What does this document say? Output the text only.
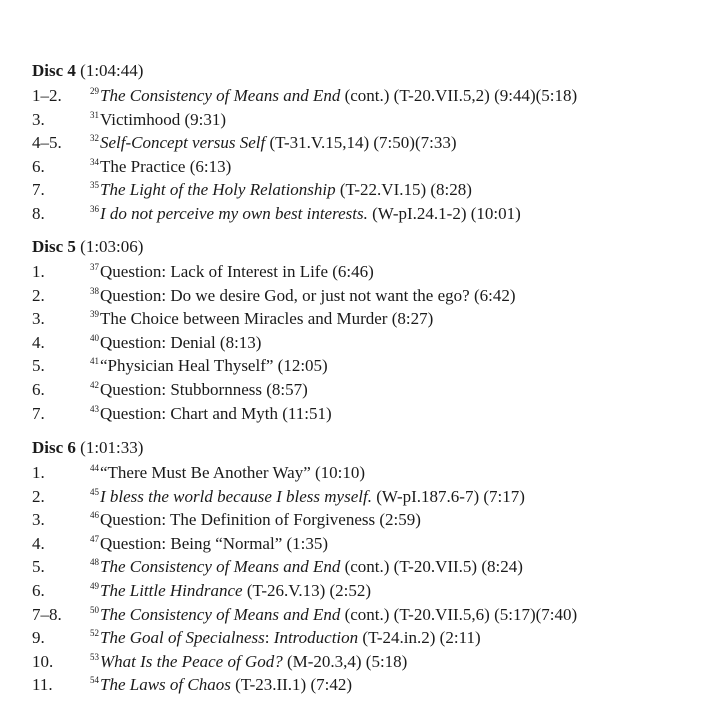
Disc 4 (1:04:44)
1–2.	$^{29}$The Consistency of Means and End (cont.) (T-20.VII.5,2) (9:44)(5:18)
3.	$^{31}$Victimhood (9:31)
4–5.	$^{32}$Self-Concept versus Self (T-31.V.15,14) (7:50)(7:33)
6.	$^{34}$The Practice (6:13)
7.	$^{35}$The Light of the Holy Relationship (T-22.VI.15) (8:28)
8.	$^{36}$I do not perceive my own best interests. (W-pI.24.1-2) (10:01)
Disc 5 (1:03:06)
1.	$^{37}$Question: Lack of Interest in Life (6:46)
2.	$^{38}$Question: Do we desire God, or just not want the ego? (6:42)
3.	$^{39}$The Choice between Miracles and Murder (8:27)
4.	$^{40}$Question: Denial (8:13)
5.	$^{41}$“Physician Heal Thyself” (12:05)
6.	$^{42}$Question: Stubbornness (8:57)
7.	$^{43}$Question: Chart and Myth (11:51)
Disc 6 (1:01:33)
1.	$^{44}$“There Must Be Another Way” (10:10)
2.	$^{45}$I bless the world because I bless myself. (W-pI.187.6-7) (7:17)
3.	$^{46}$Question: The Definition of Forgiveness (2:59)
4.	$^{47}$Question: Being “Normal” (1:35)
5.	$^{48}$The Consistency of Means and End (cont.) (T-20.VII.5) (8:24)
6.	$^{49}$The Little Hindrance (T-26.V.13) (2:52)
7–8.	$^{50}$The Consistency of Means and End (cont.) (T-20.VII.5,6) (5:17)(7:40)
9.	$^{52}$The Goal of Specialness: Introduction (T-24.in.2) (2:11)
10.	$^{53}$What Is the Peace of God? (M-20.3,4) (5:18)
11.	$^{54}$The Laws of Chaos (T-23.II.1) (7:42)
